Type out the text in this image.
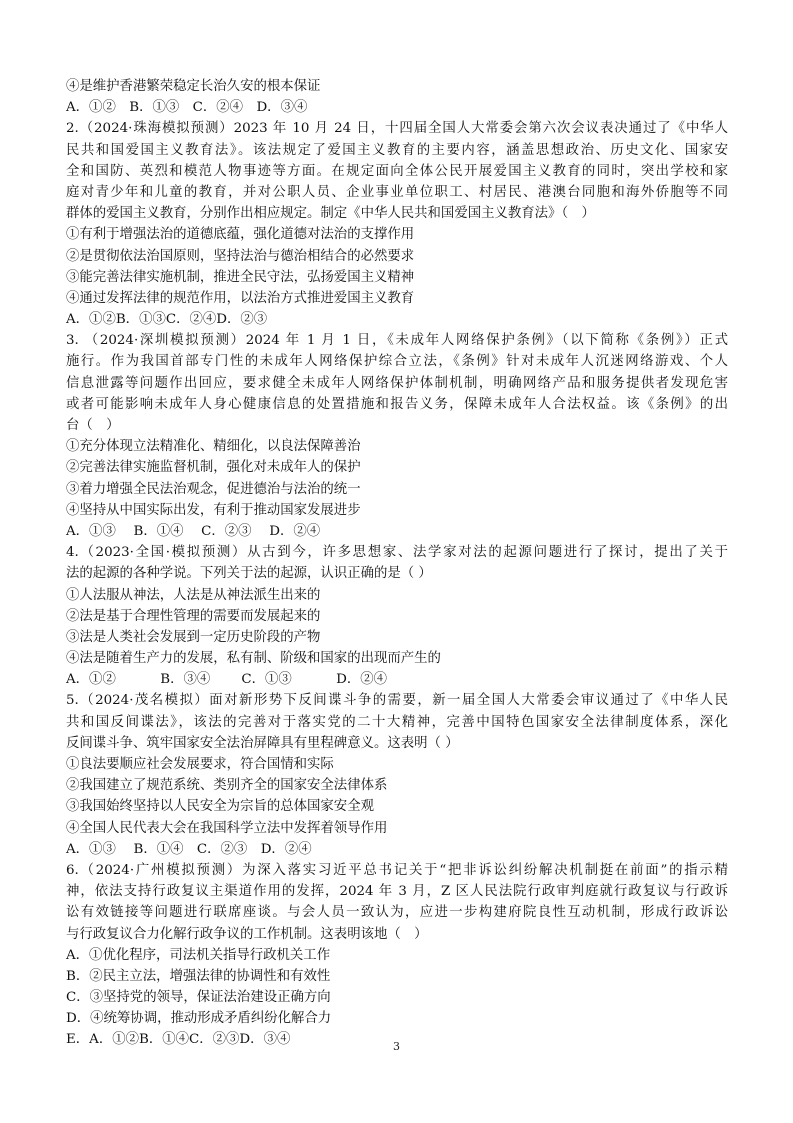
④是维护香港繁荣稳定长治久安的根本保证
A．①②　B．①③　C．②④　D．③④
2.（2024·珠海模拟预测）2023 年 10 月 24 日，十四届全国人大常委会第六次会议表决通过了《中华人
民共和国爱国主义教育法》。该法规定了爱国主义教育的主要内容，涵盖思想政治、历史文化、国家安
全和国防、英烈和模范人物事迹等方面。在规定面向全体公民开展爱国主义教育的同时，突出学校和家
庭对青少年和儿童的教育，并对公职人员、企业事业单位职工、村居民、港澳台同胞和海外侨胞等不同
群体的爱国主义教育，分别作出相应规定。制定《中华人民共和国爱国主义教育法》（　）
①有利于增强法治的道德底蕴，强化道德对法治的支撑作用
②是贯彻依法治国原则，坚持法治与德治相结合的必然要求
③能完善法律实施机制，推进全民守法，弘扬爱国主义精神
④通过发挥法律的规范作用，以法治方式推进爱国主义教育
A．①②B．①③C．②④D．②③
3. （2024·深圳模拟预测）2024 年 1 月 1 日，《未成年人网络保护条例》（以下简称《条例》）正式
施行。作为我国首部专门性的未成年人网络保护综合立法，《条例》针对未成年人沉迷网络游戏、个人
信息泄露等问题作出回应，要求健全未成年人网络保护体制机制，明确网络产品和服务提供者发现危害
或者可能影响未成年人身心健康信息的处置措施和报告义务，保障未成年人合法权益。该《条例》的出
台（　）
①充分体现立法精准化、精细化，以良法保障善治
②完善法律实施监督机制，强化对未成年人的保护
③着力增强全民法治观念，促进德治与法治的统一
④坚持从中国实际出发，有利于推动国家发展进步
A．①③　 B．①④　 C．②③　 D．②④
4.（2023·全国·模拟预测）从古到今，许多思想家、法学家对法的起源问题进行了探讨，提出了关于
法的起源的各种学说。下列关于法的起源，认识正确的是（ ）
①人法服从神法，人法是从神法派生出来的
②法是基于合理性管理的需要而发展起来的
③法是人类社会发展到一定历史阶段的产物
④法是随着生产力的发展，私有制、阶级和国家的出现而产生的
A．①②　　　 B．③④　　 C．①③　　　 D．②④
5.（2024·茂名模拟）面对新形势下反间谍斗争的需要，新一届全国人大常委会审议通过了《中华人民
共和国反间谍法》，该法的完善对于落实党的二十大精神，完善中国特色国家安全法律制度体系，深化
反间谍斗争、筑牢国家安全法治屏障具有里程碑意义。这表明（ ）
①良法要顺应社会发展要求，符合国情和实际
②我国建立了规范系统、类别齐全的国家安全法律体系
③我国始终坚持以人民安全为宗旨的总体国家安全观
④全国人民代表大会在我国科学立法中发挥着领导作用
A．①③　 B．①④　C．②③　D．②④
6.（2024·广州模拟预测）为深入落实习近平总书记关于“把非诉讼纠纷解决机制挺在前面”的指示精
神，依法支持行政复议主渠道作用的发挥，2024 年 3 月，Z 区人民法院行政审判庭就行政复议与行政诉
讼有效链接等问题进行联席座谈。与会人员一致认为，应进一步构建府院良性互动机制，形成行政诉讼
与行政复议合力化解行政争议的工作机制。这表明该地（　）
A．①优化程序，司法机关指导行政机关工作
B．②民主立法，增强法律的协调性和有效性
C．③坚持党的领导，保证法治建设正确方向
D．④统筹协调，推动形成矛盾纠纷化解合力
E．A．①②B．①④C．②③D．③④	3
